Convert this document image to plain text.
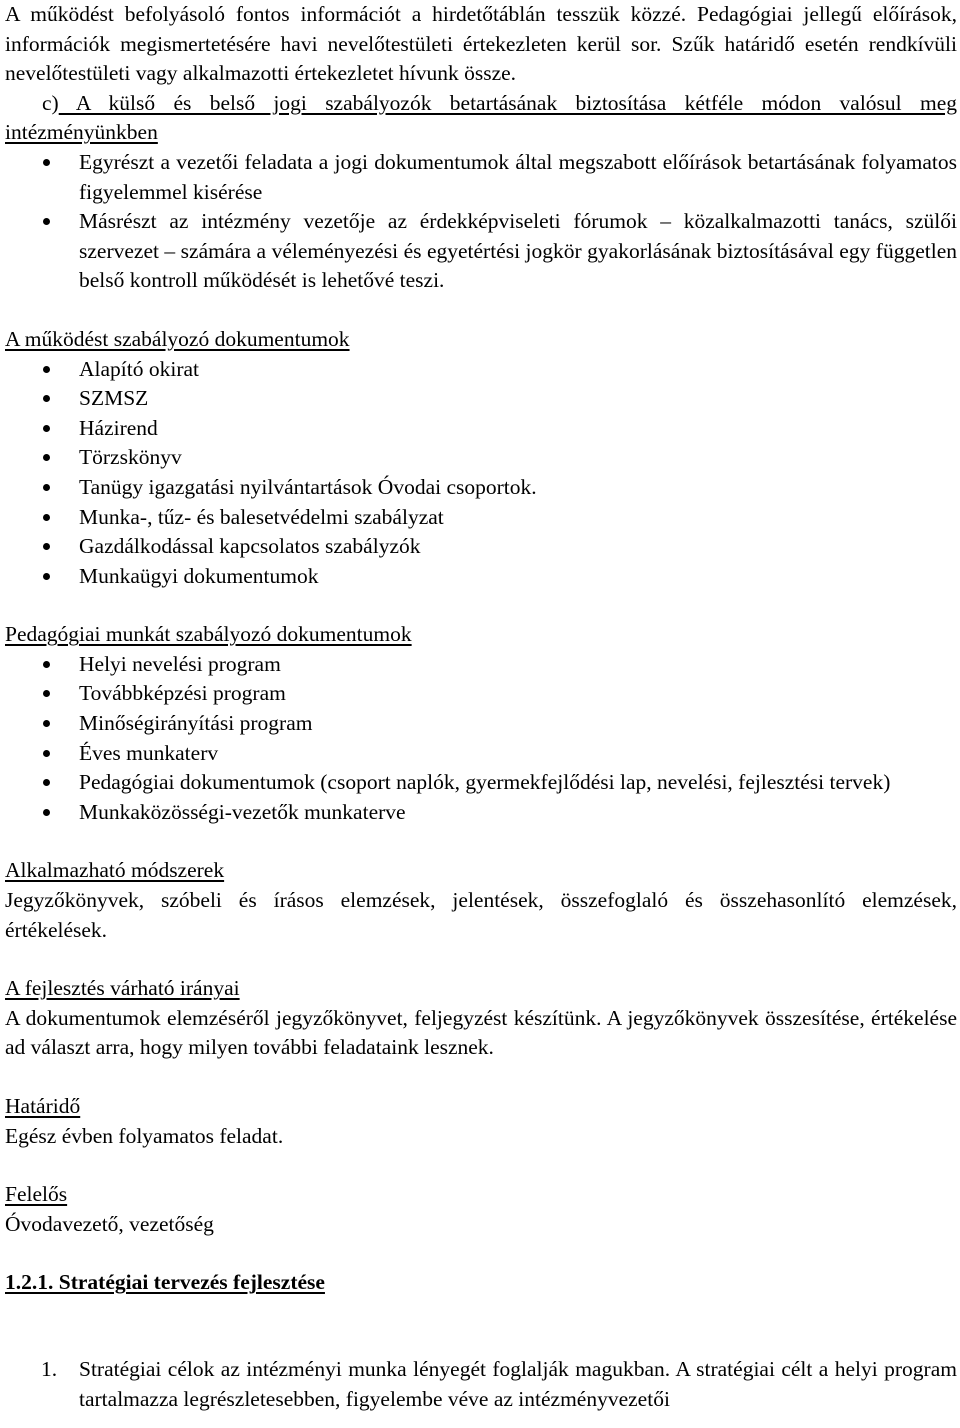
A működést befolyásoló fontos információt a hirdetőtáblán tesszük közzé. Pedagógiai jellegű előírások, információk megismertetésére havi nevelőtestületi értekezleten kerül sor. Szűk határidő esetén rendkívüli nevelőtestületi vagy alkalmazotti értekezletet hívunk össze.

c) A külső és belső jogi szabályozók betartásának biztosítása kétféle módon valósul meg intézményünkben

Egyrészt a vezetői feladata a jogi dokumentumok által megszabott előírások betartásának folyamatos figyelemmel kisérése
Másrészt az intézmény vezetője az érdekképviseleti fórumok – közalkalmazotti tanács, szülői szervezet – számára a véleményezési és egyetértési jogkör gyakorlásának biztosításával egy független belső kontroll működését is lehetővé teszi.

A működést szabályozó dokumentumok

Alapító okirat
SZMSZ
Házirend
Törzskönyv
Tanügy igazgatási nyilvántartások Óvodai csoportok.
Munka-, tűz- és balesetvédelmi szabályzat
Gazdálkodással kapcsolatos szabályzók
Munkaügyi dokumentumok

Pedagógiai munkát szabályozó dokumentumok

Helyi nevelési program
Továbbképzési program
Minőségirányítási program
Éves munkaterv
Pedagógiai dokumentumok (csoport naplók, gyermekfejlődési lap, nevelési, fejlesztési tervek)
Munkaközösségi-vezetők munkaterve

Alkalmazható módszerek

Jegyzőkönyvek, szóbeli és írásos elemzések, jelentések, összefoglaló és összehasonlító elemzések, értékelések.

A fejlesztés várható irányai

A dokumentumok elemzéséről jegyzőkönyvet, feljegyzést készítünk. A jegyzőkönyvek összesítése, értékelése ad választ arra, hogy milyen további feladataink lesznek.

Határidő

Egész évben folyamatos feladat.

Felelős

Óvodavezető, vezetőség

1.2.1. Stratégiai tervezés fejlesztése

1. Stratégiai célok az intézményi munka lényegét foglalják magukban. A stratégiai célt a helyi program tartalmazza legrészletesebben, figyelembe véve az intézményvezetői
